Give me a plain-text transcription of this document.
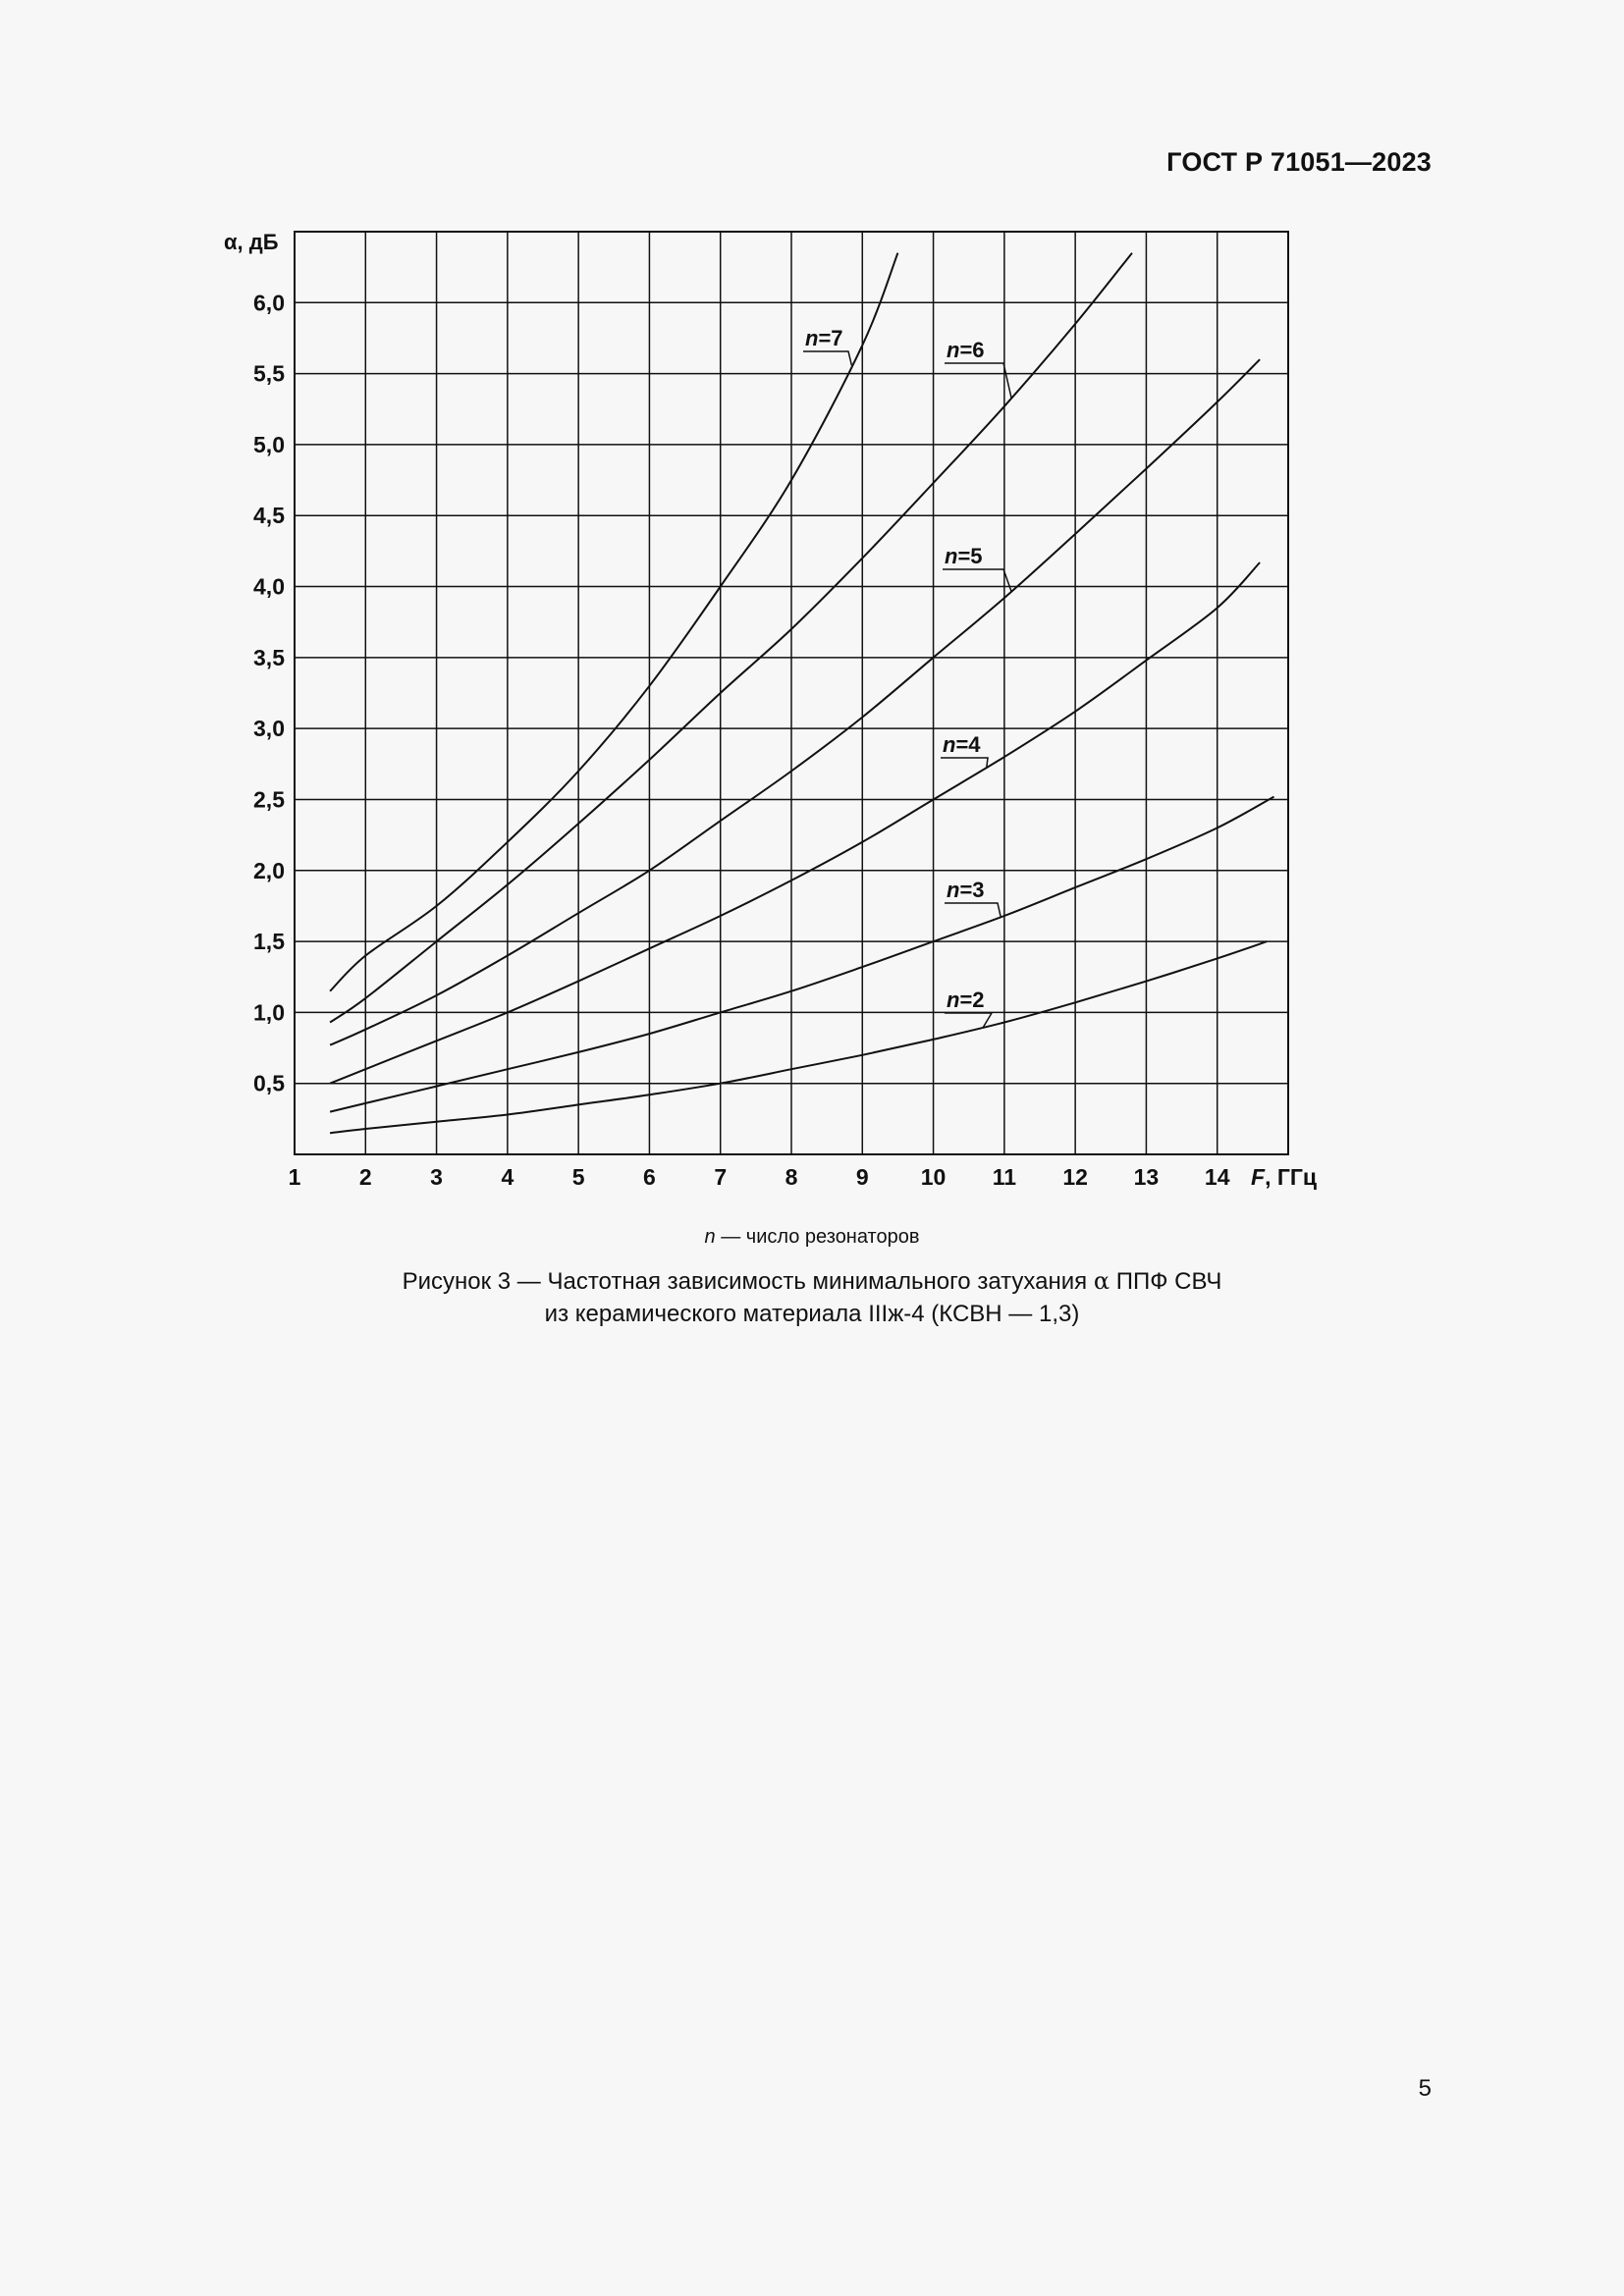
ГОСТ Р 71051—2023
n=7	n=6
n=5
n=4
n=3
n=2
1	2	3	4	5	6	7	8	9 10 11 12 13 14
0,5
1,0
1,5
2,0
2,5
3,0
3,5
4,0
4,5
5,0
5,5
6,0
α, дБ
F, ГГц
n — число резонаторов
Рисунок 3 — Частотная зависимость минимального затухания α ППФ СВЧ
из керамического материала IIIж-4 (КСВН — 1,3)
5
